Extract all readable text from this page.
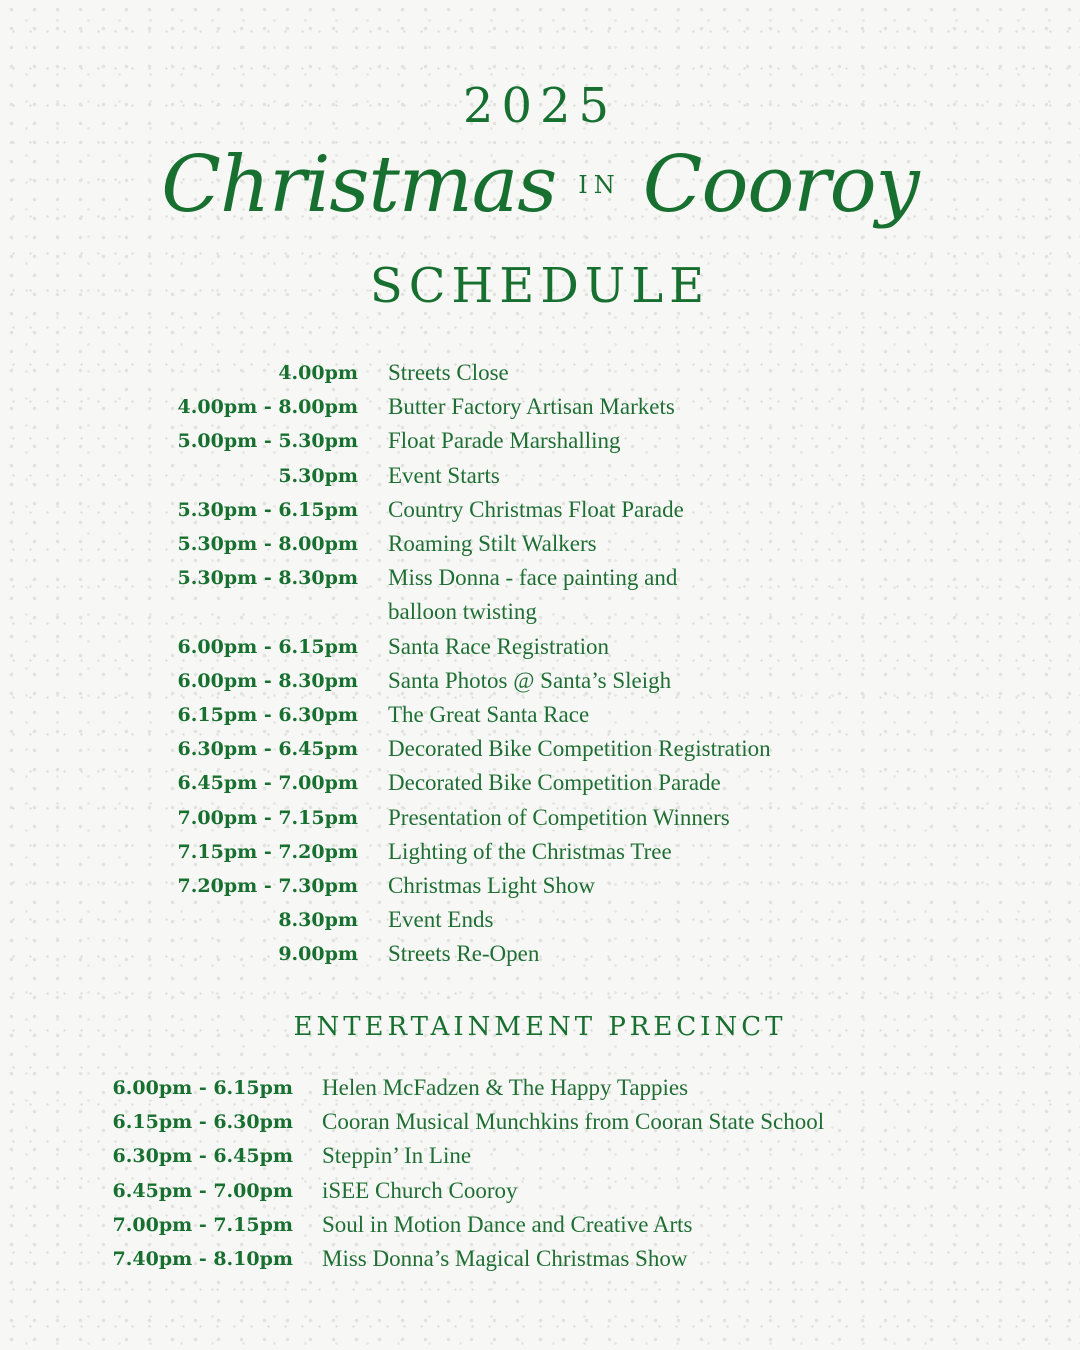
2025
Christmas IN Cooroy
SCHEDULE
4.00pm	Streets Close
4.00pm - 8.00pm	Butter Factory Artisan Markets
5.00pm - 5.30pm	Float Parade Marshalling
5.30pm	Event Starts
5.30pm - 6.15pm	Country Christmas Float Parade
5.30pm - 8.00pm	Roaming Stilt Walkers
5.30pm - 8.30pm	Miss Donna - face painting and balloon twisting
6.00pm - 6.15pm	Santa Race Registration
6.00pm - 8.30pm	Santa Photos @ Santa’s Sleigh
6.15pm - 6.30pm	The Great Santa Race
6.30pm - 6.45pm	Decorated Bike Competition Registration
6.45pm - 7.00pm	Decorated Bike Competition Parade
7.00pm - 7.15pm	Presentation of Competition Winners
7.15pm - 7.20pm	Lighting of the Christmas Tree
7.20pm - 7.30pm	Christmas Light Show
8.30pm	Event Ends
9.00pm	Streets Re-Open
ENTERTAINMENT PRECINCT
6.00pm - 6.15pm	Helen McFadzen & The Happy Tappies
6.15pm - 6.30pm	Cooran Musical Munchkins from Cooran State School
6.30pm - 6.45pm	Steppin’ In Line
6.45pm - 7.00pm	iSEE Church Cooroy
7.00pm - 7.15pm	Soul in Motion Dance and Creative Arts
7.40pm - 8.10pm	Miss Donna’s Magical Christmas Show
